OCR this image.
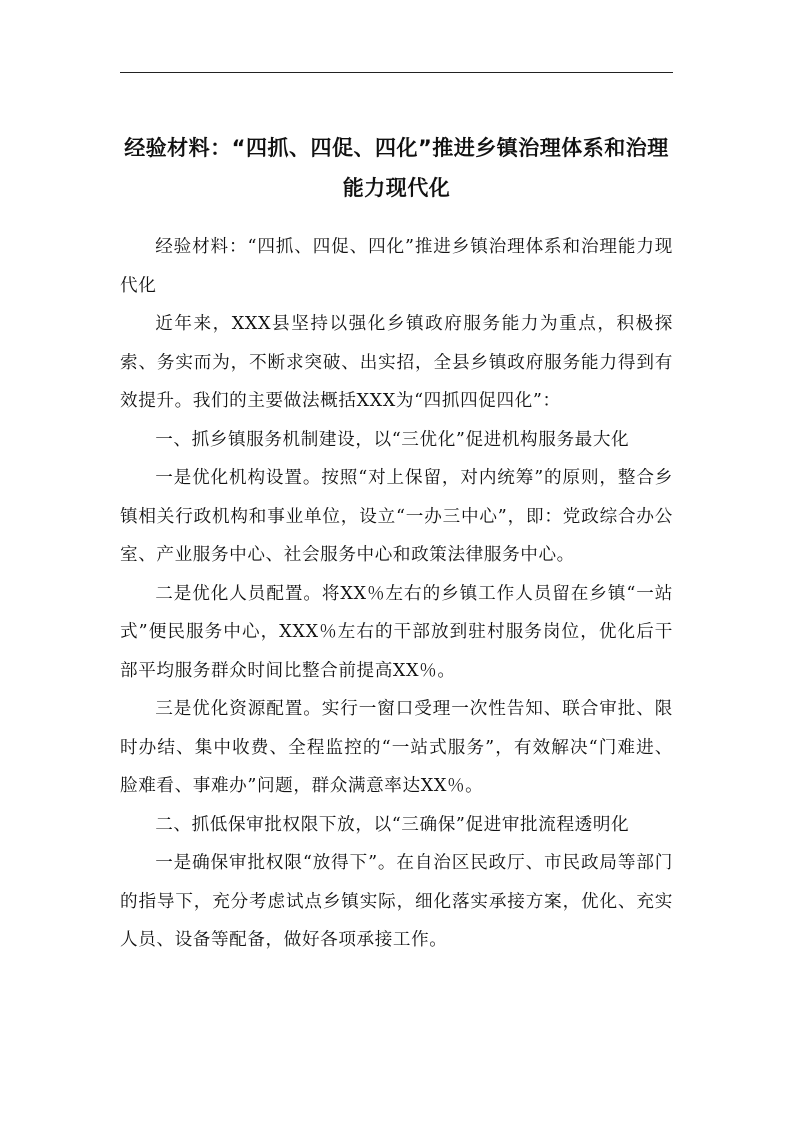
经验材料：“四抓、四促、四化”推进乡镇治理体系和治理能力现代化

经验材料：“四抓、四促、四化”推进乡镇治理体系和治理能力现代化

近年来，XXX县坚持以强化乡镇政府服务能力为重点，积极探索、务实而为，不断求突破、出实招，全县乡镇政府服务能力得到有效提升。我们的主要做法概括XXX为“四抓四促四化”：

一、抓乡镇服务机制建设，以“三优化”促进机构服务最大化

一是优化机构设置。按照“对上保留，对内统筹”的原则，整合乡镇相关行政机构和事业单位，设立“一办三中心”，即：党政综合办公室、产业服务中心、社会服务中心和政策法律服务中心。

二是优化人员配置。将XX％左右的乡镇工作人员留在乡镇“一站式”便民服务中心，XXX％左右的干部放到驻村服务岗位，优化后干部平均服务群众时间比整合前提高XX％。

三是优化资源配置。实行一窗口受理一次性告知、联合审批、限时办结、集中收费、全程监控的“一站式服务”，有效解决“门难进、脸难看、事难办”问题，群众满意率达XX％。

二、抓低保审批权限下放，以“三确保”促进审批流程透明化

一是确保审批权限“放得下”。在自治区民政厅、市民政局等部门的指导下，充分考虑试点乡镇实际，细化落实承接方案，优化、充实人员、设备等配备，做好各项承接工作。
